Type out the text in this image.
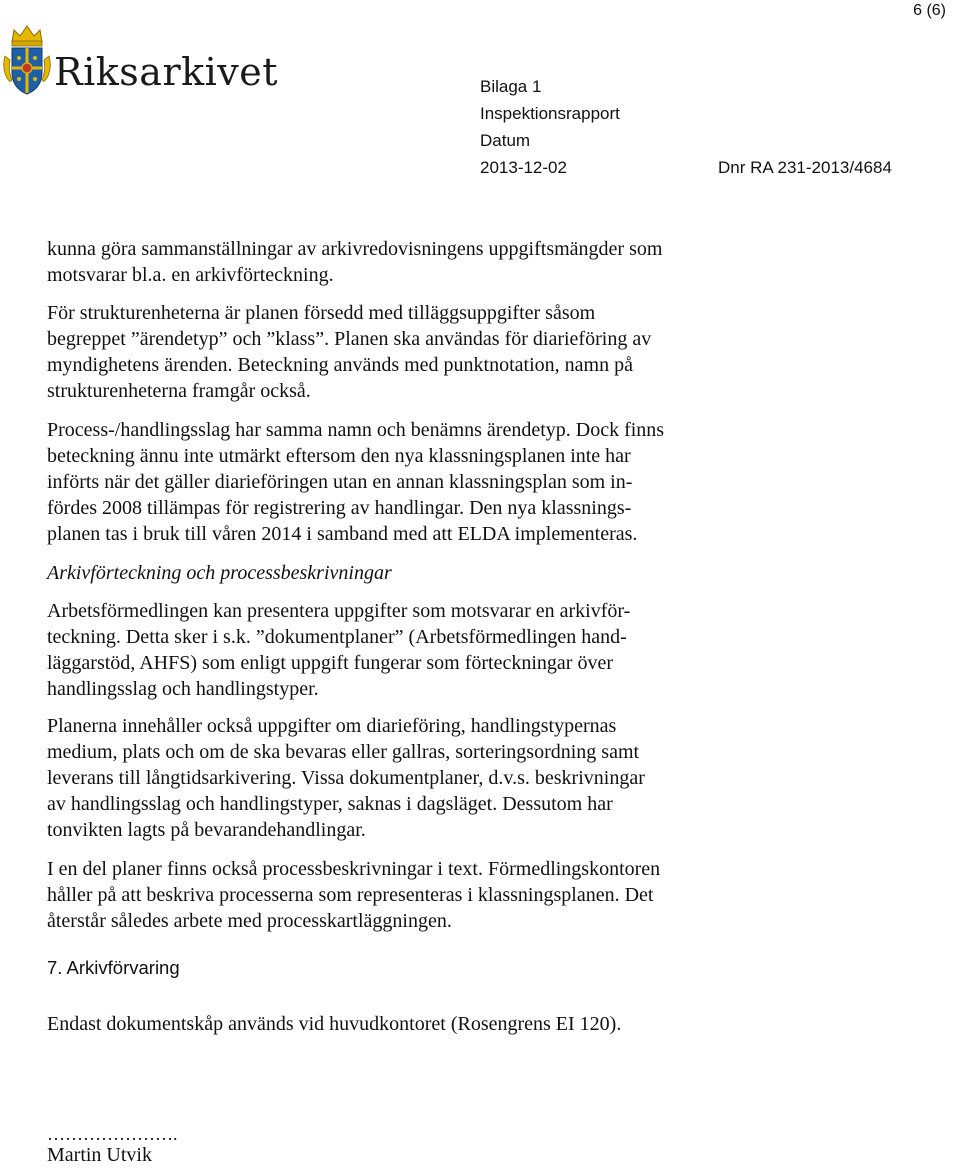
6 (6)
Riksarkivet	Bilaga 1
Inspektionsrapport
Datum
2013-12-02	Dnr RA 231-2013/4684
kunna göra sammanställningar av arkivredovisningens uppgiftsmängder som
motsvarar bl.a. en arkivförteckning.
För strukturenheterna är planen försedd med tilläggsuppgifter såsom
begreppet ”ärendetyp” och ”klass”. Planen ska användas för diarieföring av
myndighetens ärenden. Beteckning används med punktnotation, namn på
strukturenheterna framgår också.
Process-/handlingsslag har samma namn och benämns ärendetyp. Dock finns
beteckning ännu inte utmärkt eftersom den nya klassningsplanen inte har
införts när det gäller diarieföringen utan en annan klassningsplan som in-
fördes 2008 tillämpas för registrering av handlingar. Den nya klassnings-
planen tas i bruk till våren 2014 i samband med att ELDA implementeras.
Arkivförteckning och processbeskrivningar
Arbetsförmedlingen kan presentera uppgifter som motsvarar en arkivför-
teckning. Detta sker i s.k. ”dokumentplaner” (Arbetsförmedlingen hand-
läggarstöd, AHFS) som enligt uppgift fungerar som förteckningar över
handlingsslag och handlingstyper.
Planerna innehåller också uppgifter om diarieföring, handlingstypernas
medium, plats och om de ska bevaras eller gallras, sorteringsordning samt
leverans till långtidsarkivering. Vissa dokumentplaner, d.v.s. beskrivningar
av handlingsslag och handlingstyper, saknas i dagsläget. Dessutom har
tonvikten lagts på bevarandehandlingar.
I en del planer finns också processbeskrivningar i text. Förmedlingskontoren
håller på att beskriva processerna som representeras i klassningsplanen. Det
återstår således arbete med processkartläggningen.
7. Arkivförvaring
Endast dokumentskåp används vid huvudkontoret (Rosengrens EI 120).
………………….
Martin Utvik
